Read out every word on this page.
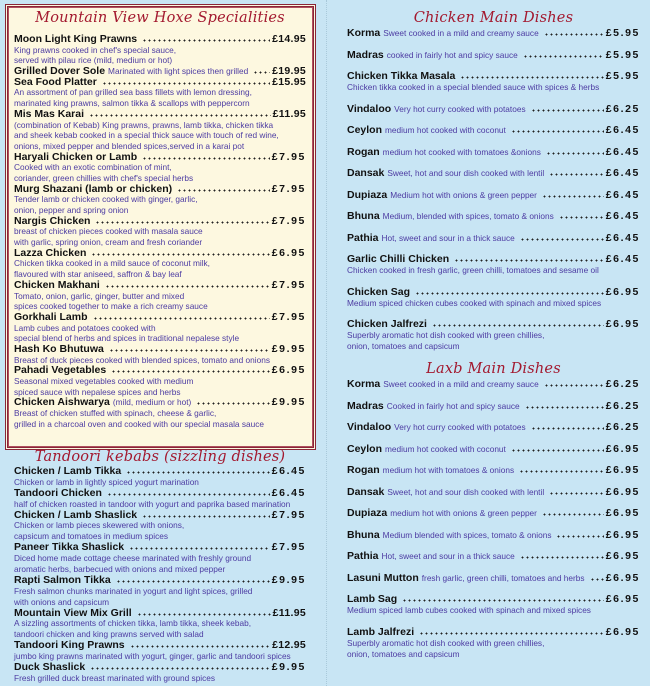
Mountain View Hoxe Specialities
Moon Light King Prawns	£14.95
King prawns cooked in chef's special sauce,
served with pilau rice (mild, medium or hot)
Grilled Dover Sole Marinated with light spices then grilled £19.95
Sea Food Platter	£15.95
An assortment of pan grilled sea bass fillets with lemon dressing,
marinated king prawns, salmon tikka & scallops with peppercorn
Mis Mas Karai	£11.95
(combination of Kebab) King prawns, prawns, lamb tikka, chicken tikka
and sheek kebab cooked in a special thick sauce with touch of red wine,
onions, mixed pepper and blended spices,served in a karai pot
Haryali Chicken or Lamb	£7.95
Cooked with an exotic combination of mint,
coriander, green chillies with chef's special herbs
Murg Shazani (lamb or chicken)	£7.95
Tender lamb or chicken cooked with ginger, garlic,
onion, pepper and spring onion
Nargis Chicken	£7.95
breast of chicken pieces cooked with masala sauce
with garlic, spring onion, cream and fresh coriander
Lazza Chicken	£6.95
Chicken tikka cooked in a mild sauce of coconut milk,
flavoured with star aniseed, saffron & bay leaf
Chicken Makhani	£7.95
Tomato, onion, garlic, ginger, butter and mixed
spices cooked together to make a rich creamy sauce
Gorkhali Lamb	£7.95
Lamb cubes and potatoes cooked with
special blend of herbs and spices in traditional nepalese style
Hash Ko Bhutuwa	£9.95
Breast of duck pieces cooked with blended spices, tomato and onions
Pahadi Vegetables	£6.95
Seasonal mixed vegetables cooked with medium
spiced sauce with nepalese spices and herbs
Chicken Aishwarya (mild, medium or hot)	£9.95
Breast of chicken stuffed with spinach, cheese & garlic,
grilled in a charcoal oven and cooked with our special masala sauce
Tandoori kebabs (sizzling dishes)
Chicken / Lamb Tikka	£6.45
Chicken or lamb in lightly spiced yogurt marination
Tandoori Chicken	£6.45
half of chicken roasted in tandoor with yogurt and paprika based marination
Chicken / Lamb Shaslick	£7.95
Chicken or lamb pieces skewered with onions,
capsicum and tomatoes in medium spices
Paneer Tikka Shaslick	£7.95
Diced home made cottage cheese marinated with freshly ground
aromatic herbs, barbecued with onions and mixed pepper
Rapti Salmon Tikka	£9.95
Fresh salmon chunks marinated in yogurt and light spices, grilled
with onions and capsicum
Mountain View Mix Grill	£11.95
A sizzling assortments of chicken tikka, lamb tikka, sheek kebab,
tandoori chicken and king prawns served with salad
Tandoori King Prawns	£12.95
jumbo king prawns marinated with yogurt, ginger, garlic and tandoori spices
Duck Shaslick	£9.95
Fresh grilled duck breast marinated with ground spices
Chicken Main Dishes
Korma Sweet cooked in a mild and creamy sauce	£5.95
Madras cooked in fairly hot and spicy sauce	£5.95
Chicken Tikka Masala	£5.95
Chicken tikka cooked in a special blended sauce with spices & herbs
Vindaloo Very hot curry cooked with potatoes	£6.25
Ceylon medium hot cooked with coconut	£6.45
Rogan medium hot cooked with tomatoes &onions	£6.45
Dansak Sweet, hot and sour dish cooked with lentil	£6.45
Dupiaza Medium hot with onions & green pepper	£6.45
Bhuna Medium, blended with spices, tomato & onions	£6.45
Pathia Hot, sweet and sour in a thick sauce	£6.45
Garlic Chilli Chicken	£6.45
Chicken cooked in fresh garlic, green chilli, tomatoes and sesame oil
Chicken Sag	£6.95
Medium spiced chicken cubes cooked with spinach and mixed spices
Chicken Jalfrezi	£6.95
Superbly aromatic hot dish cooked with green chillies,
onion, tomatoes and capsicum
Laxb Main Dishes
Korma Sweet cooked in a mild and creamy sauce	£6.25
Madras Cooked in fairly hot and spicy sauce	£6.25
Vindaloo Very hot curry cooked with potatoes	£6.25
Ceylon medium hot cooked with coconut	£6.95
Rogan medium hot with tomatoes & onions	£6.95
Dansak Sweet, hot and sour dish cooked with lentil	£6.95
Dupiaza medium hot with onions & green pepper	£6.95
Bhuna Medium blended with spices, tomato & onions	£6.95
Pathia Hot, sweet and sour in a thick sauce	£6.95
Lasuni Mutton fresh garlic, green chilli, tomatoes and herbs £6.95
Lamb Sag	£6.95
Medium spiced lamb cubes cooked with spinach and mixed spices
Lamb Jalfrezi	£6.95
Superbly aromatic hot dish cooked with green chillies,
onion, tomatoes and capsicum
